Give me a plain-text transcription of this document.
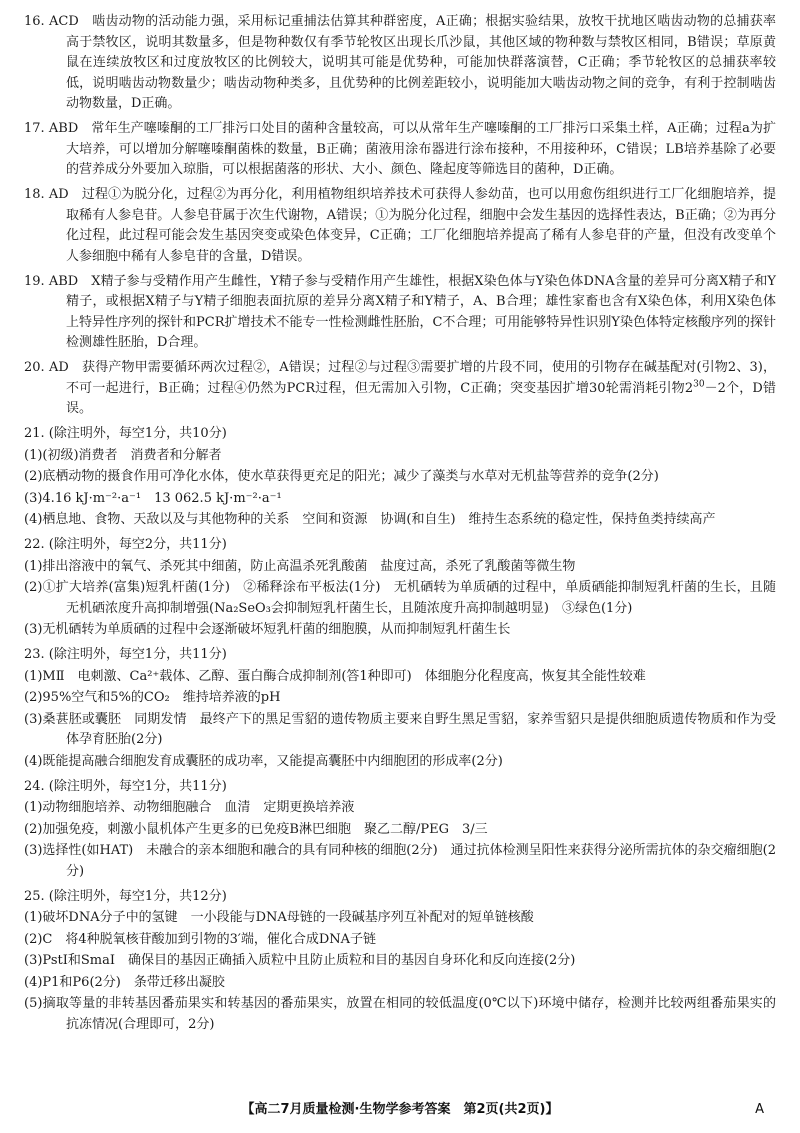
16. ACD　啮齿动物的活动能力强，采用标记重捕法估算其种群密度，A正确；根据实验结果，放牧干扰地区啮齿动物的总捕获率高于禁牧区，说明其数量多，但是物种数仅有季节轮牧区出现长爪沙鼠，其他区域的物种数与禁牧区相同，B错误；草原黄鼠在连续放牧区和过度放牧区的比例较大，说明其可能是优势种，可能加快群落演替，C正确；季节轮牧区的总捕获率较低，说明啮齿动物数量少；啮齿动物种类多，且优势种的比例差距较小，说明能加大啮齿动物之间的竞争，有利于控制啮齿动物数量，D正确。
17. ABD　常年生产噻嗪酮的工厂排污口处目的菌种含量较高，可以从常年生产噻嗪酮的工厂排污口采集土样，A正确；过程a为扩大培养，可以增加分解噻嗪酮菌株的数量，B正确；菌液用涂布器进行涂布接种，不用接种环，C错误；LB培养基除了必要的营养成分外要加入琼脂，可以根据菌落的形状、大小、颜色、隆起度等筛选目的菌种，D正确。
18. AD　过程①为脱分化，过程②为再分化，利用植物组织培养技术可获得人参幼苗，也可以用愈伤组织进行工厂化细胞培养，提取稀有人参皂苷。人参皂苷属于次生代谢物，A错误；①为脱分化过程，细胞中会发生基因的选择性表达，B正确；②为再分化过程，此过程可能会发生基因突变或染色体变异，C正确；工厂化细胞培养提高了稀有人参皂苷的产量，但没有改变单个人参细胞中稀有人参皂苷的含量，D错误。
19. ABD　X精子参与受精作用产生雌性，Y精子参与受精作用产生雄性，根据X染色体与Y染色体DNA含量的差异可分离X精子和Y精子，或根据X精子与Y精子细胞表面抗原的差异分离X精子和Y精子，A、B合理；雄性家畜也含有X染色体，利用X染色体上特异性序列的探针和PCR扩增技术不能专一性检测雌性胚胎，C不合理；可用能够特异性识别Y染色体特定核酸序列的探针检测雄性胚胎，D合理。
20. AD　获得产物甲需要循环两次过程②，A错误；过程②与过程③需要扩增的片段不同，使用的引物存在碱基配对(引物2、3)，不可一起进行，B正确；过程④仍然为PCR过程，但无需加入引物，C正确；突变基因扩增30轮需消耗引物$2^{30}-2$个，D错误。
21. (除注明外，每空1分，共10分)
(1)(初级)消费者　消费者和分解者
(2)底栖动物的摄食作用可净化水体，使水草获得更充足的阳光；减少了藻类与水草对无机盐等营养的竞争(2分)
(3)4.16 kJ·m⁻²·a⁻¹　13 062.5 kJ·m⁻²·a⁻¹
(4)栖息地、食物、天敌以及与其他物种的关系　空间和资源　协调(和自生)　维持生态系统的稳定性，保持鱼类持续高产
22. (除注明外，每空2分，共11分)
(1)排出溶液中的氧气、杀死其中细菌，防止高温杀死乳酸菌　盐度过高，杀死了乳酸菌等微生物
(2)①扩大培养(富集)短乳杆菌(1分)　②稀释涂布平板法(1分)　无机硒转为单质硒的过程中，单质硒能抑制短乳杆菌的生长，且随无机硒浓度升高抑制增强(Na₂SeO₃会抑制短乳杆菌生长，且随浓度升高抑制越明显)　③绿色(1分)
(3)无机硒转为单质硒的过程中会逐渐破坏短乳杆菌的细胞膜，从而抑制短乳杆菌生长
23. (除注明外，每空1分，共11分)
(1)MⅡ　电刺激、Ca²⁺载体、乙醇、蛋白酶合成抑制剂(答1种即可)　体细胞分化程度高，恢复其全能性较难
(2)95%空气和5%的CO₂　维持培养液的pH
(3)桑葚胚或囊胚　同期发情　最终产下的黑足雪貂的遗传物质主要来自野生黑足雪貂，家养雪貂只是提供细胞质遗传物质和作为受体孕育胚胎(2分)
(4)既能提高融合细胞发育成囊胚的成功率，又能提高囊胚中内细胞团的形成率(2分)
24. (除注明外，每空1分，共11分)
(1)动物细胞培养、动物细胞融合　血清　定期更换培养液
(2)加强免疫，刺激小鼠机体产生更多的已免疫B淋巴细胞　聚乙二醇/PEG　3/三
(3)选择性(如HAT)　未融合的亲本细胞和融合的具有同种核的细胞(2分)　通过抗体检测呈阳性来获得分泌所需抗体的杂交瘤细胞(2分)
25. (除注明外，每空1分，共12分)
(1)破坏DNA分子中的氢键　一小段能与DNA母链的一段碱基序列互补配对的短单链核酸
(2)C　将4种脱氧核苷酸加到引物的3′端，催化合成DNA子链
(3)PstⅠ和SmaⅠ　确保目的基因正确插入质粒中且防止质粒和目的基因自身环化和反向连接(2分)
(4)P1和P6(2分)　条带迁移出凝胶
(5)摘取等量的非转基因番茄果实和转基因的番茄果实，放置在相同的较低温度(0℃以下)环境中储存，检测并比较两组番茄果实的抗冻情况(合理即可，2分)
【高二7月质量检测·生物学参考答案　第2页(共2页)】	A
